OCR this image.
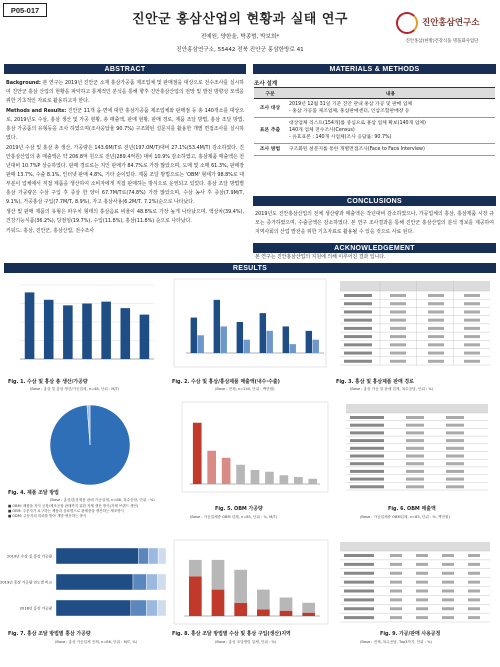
P05-017
진안군 홍삼산업의 현황과 실태 연구
전예원, 양한울, 박종범, 박보희*
진안홍삼연구소, 55442 전북 진안군 홍삼한방로 41
진안홍삼연구소
진안홍삼(한방)건강식품 명품화사업단
ABSTRACT

Background: 본 연구는 2019년 진안군 소재 홍삼가공품 제조업체 및 판매점을 대상으로 전수조사를 실시하여 진안군 홍삼 산업의 현황을 파악하고 통계적인 분석을 통해 향후 진안홍삼산업의 전망 및 발전 방향성 모색을 위한 기초적인 자료로 활용하고자 한다.

Methods and Results: 진안군 11개 읍·면에 대한 홍삼가공품 제조업체와 판매점 등 총 140개소를 대상으로, 2019년도 수삼, 홍삼 생산 및 가공 현황, 총 매출액, 판매 현황, 판매 경로, 제품 조달 방법, 홍삼 조달 방법, 홍삼 가공품의 유형등을 조사 하였으며(조사응답율 90.7%) 구조화된 설문지를 활용한 개별 면접조사를 실시하였다.

2019년 수삼 및 홍삼 총 생산, 가공량은 143.6M/T로 전년(197.0M/T)대비 27.1%(53.4M/T) 감소하였다. 진안홍삼산업의 총 매출액은 약 206.8억 원으로 전년(289.4억원) 대비 10.9% 감소하였고, 홍삼제품 매출액은 전년대비 10.7%P 상승하였다. 판매 경로로는 지인 판매가 84.7%로 가장 많았으며, 도매 및 소매 61.3%, 판매장 판매 13.7%, 수출 8.1%, 인터넷 판매 4.8%, 기타 순이었다. 제품 조달 방법으로는 'OBM' 형태가 98.8%로 대부분이 업체에서 직접 제품을 생산하여 소비자에게 직접 판매하는 방식으로 운영되고 있었다. 홍삼 조달 방법별 홍삼 가공량은 수삼 구입 후 증삼 한 양이 67.7M/T로(74.8%) 가장 많았으며, 수삼 농사 후 증삼(7.9M/T, 9.1%), 가공홍삼 구입(7.7M/T, 8.9%), 자고 홍삼사용(6.2M/T, 7.2%)순으로 나타났다.

생산 및 판매 제품의 유형은 파우치 형태의 홍삼음료 비율이 48.8%로 가장 높게 나타났으며, 액상차(39.4%), 건강기능식품(36.2%), 당절임(19.7%), 수입(11.8%), 홍삼(11.8%) 순으로 나타났다.

키워드: 홍삼, 진안군, 홍삼산업, 전수조사

MATERIALS & METHODS
조사 설계
구분	내용
조사 대상	2019년 12월 31일 기준 진안 관내 홍삼 가공 및 판매 업체
- 홍삼 가공품 제조업체, 홍삼판매센터, 인삼조합판매장 등

표본 추출	대상업체 리스트(154개)를 중심으로 홍삼 업체 확보(140개 업체)
140개 업체 전수조사(Census)
- 유효표본 : 140개 사업체(조사 응답률: 90.7%)

조사 방법	구조화된 설문지를 통한 개별면접조사(Face to Face Interview)
CONCLUSIONS
2019년도 진안홍삼산업의 전체 생산량과 매출액은 작년대비 감소하였으나, 가공업체의 홍삼, 홍삼제품 시장 규모는 증가하였으며, 수출금액은 감소하였다. 본 연구 조사결과를 통해 진안군 홍삼산업의 분석 정보를 제공하여 지역사회의 산업 발전을 위한 기초자료로 활용될 수 있을 것으로 사료 된다.
ACKNOWLEDGEMENT
본 연구는 진안홍삼산업의 지원에 의해 이루어진 결과 입니다.
RESULTS
Fig. 1. 수삼 및 홍삼 총 생산/가공량
(Base : 홍삼 및 홍삼 생산/가공업체, n=48, 단위 : M/T)
Fig. 2. 수삼 및 홍삼/홍삼제품 매출액(내수·수출)
(Base : 전체, n=140, 단위 : 백만원)
Fig. 3. 홍삼 및 홍삼제품 판매 경로
(Base : 홍삼 가공 및 판매 업체, 복수응답, 단위 : %)
Fig. 4. 제품 조달 방법
(Base : 홍삼/홍삼제품 판매 가공업체, n=86, 복수응답, 단위 : %)
■ OBM: 제품을 자사 공장/제조공장 판매까지 위한 자체 생산 방식(자체 브랜드 생산)
■ OEM: 주문자가 요구하는 제품과 상표명으로 완제품을 생산하는 제조방식
■ ODM: 주문자의 의뢰를 받아 개발·생산하는 방식
Fig. 5. OBM 가공량
(Base : 가공업체중 OBM 업체, n=85, 단위 : %, M/T)
Fig. 6. OBM 매출액
(Base : 가공업체중 OBM업체, n=85, 단위 : %, 백만원)
2019년 수삼 및 홍삼 가공량
2019년 홍삼 가공량 연도별 비교
2018년 홍삼 가공량
Fig. 7. 홍삼 조달 방법별 홍삼 가공량
(Base : 홍삼 가공업체 전체, n=86, 단위 : M/T, %)
Fig. 8. 홍삼 조달 방법별 수삼 및 홍삼 구입(생산)지역
(Base : 홍삼 조달방법 업체, 단위 : %)
Fig. 9. 가공/판매 사용공정
(Base : 전체, 복수응답, Top3까지, 단위 : %)
